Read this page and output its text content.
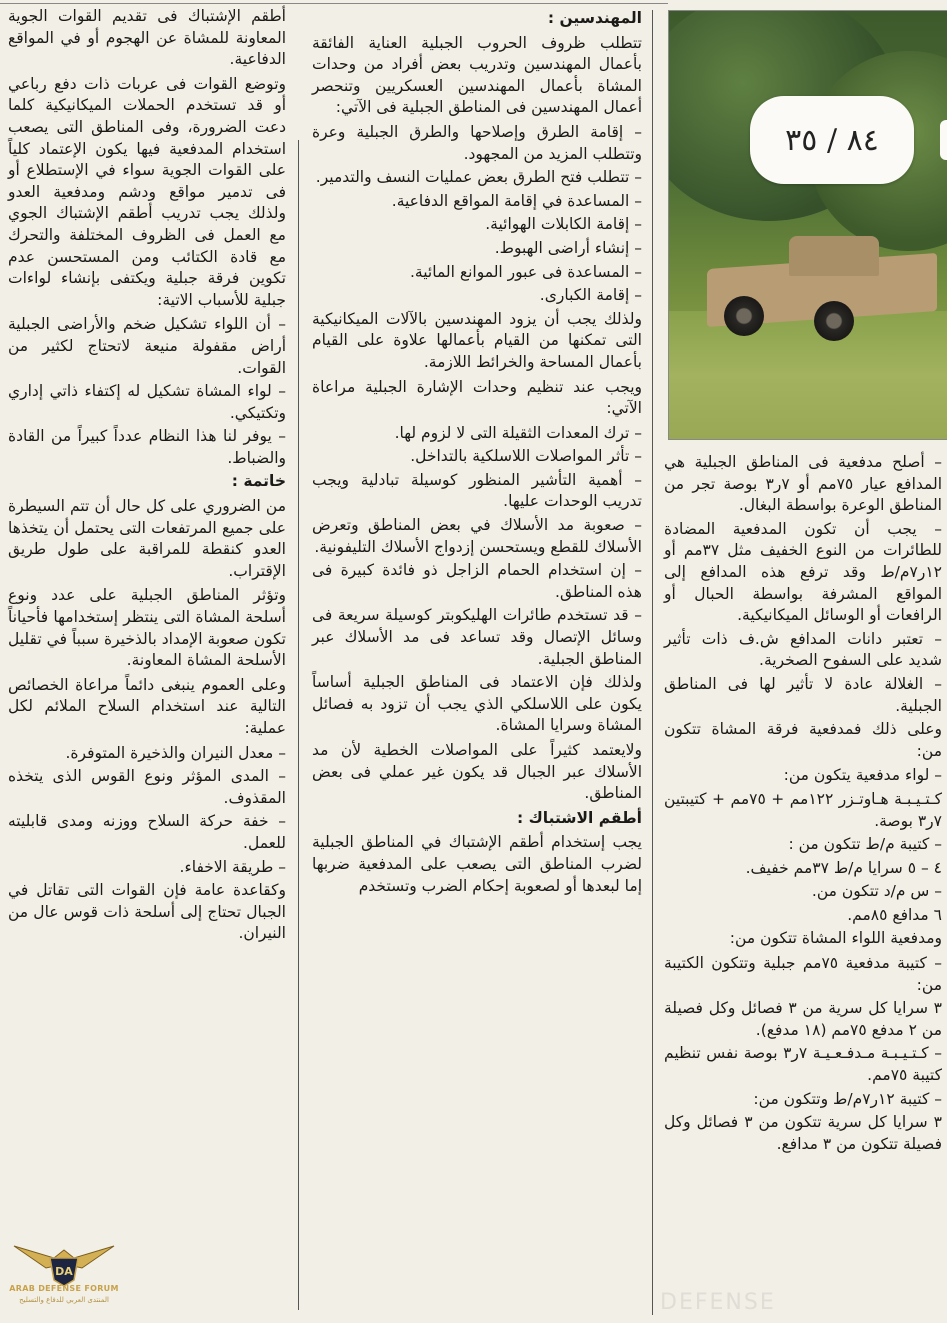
٨٤ / ٣٥

– أصلح مدفعية فى المناطق الجبلية هي المدافع عيار ٧٥مم أو ٧ر٣ بوصة تجر من المناطق الوعرة بواسطة البغال.

– يجب أن تكون المدفعية المضادة للطائرات من النوع الخفيف مثل ٣٧مم أو ١٢ر٧م/ط وقد ترفع هذه المدافع إلى المواقع المشرفة بواسطة الحبال أو الرافعات أو الوسائل الميكانيكية.

– تعتبر دانات المدافع ش.ف ذات تأثير شديد على السفوح الصخرية.

– الغلالة عادة لا تأثير لها فى المناطق الجبلية.

وعلى ذلك فمدفعية فرقة المشاة تتكون من:

– لواء مدفعية يتكون من:

كـتـيـبـة هـاوتـزر ١٢٢مم + ٧٥مم + كتيبتين ٧ر٣ بوصة.

– كتيبة م/ط تتكون من :

٤ – ٥ سرايا م/ط ٣٧مم خفيف.

– س م/د تتكون من.

٦ مدافع ٨٥مم.

ومدفعية اللواء المشاة تتكون من:

– كتيبة مدفعية ٧٥مم جبلية وتتكون الكتيبة من:

٣ سرايا كل سرية من ٣ فصائل وكل فصيلة من ٢ مدفع ٧٥مم (١٨ مدفع).

– كـتـيـبـة مـدفـعـيـة ٧ر٣ بوصة نفس تنظيم كتيبة ٧٥مم.

– كتيبة ١٢ر٧م/ط وتتكون من:

٣ سرايا كل سرية تتكون من ٣ فصائل وكل فصيلة تتكون من ٣ مدافع.

المهندسين :

تتطلب ظروف الحروب الجبلية العناية الفائقة بأعمال المهندسين وتدريب بعض أفراد من وحدات المشاة بأعمال المهندسين العسكريين وتنحصر أعمال المهندسين فى المناطق الجبلية فى الآتي:

– إقامة الطرق وإصلاحها والطرق الجبلية وعرة وتتطلب المزيد من المجهود.

– تتطلب فتح الطرق بعض عمليات النسف والتدمير.

– المساعدة في إقامة المواقع الدفاعية.

– إقامة الكابلات الهوائية.

– إنشاء أراضى الهبوط.

– المساعدة فى عبور الموانع المائية.

– إقامة الكبارى.

ولذلك يجب أن يزود المهندسين بالآلات الميكانيكية التى تمكنها من القيام بأعمالها علاوة على القيام بأعمال المساحة والخرائط اللازمة.

ويجب عند تنظيم وحدات الإشارة الجبلية مراعاة الآتي:

– ترك المعدات الثقيلة التى لا لزوم لها.

– تأثر المواصلات اللاسلكية بالتداخل.

– أهمية التأشير المنظور كوسيلة تبادلية ويجب تدريب الوحدات عليها.

– صعوبة مد الأسلاك في بعض المناطق وتعرض الأسلاك للقطع ويستحسن إزدواج الأسلاك التليفونية.

– إن استخدام الحمام الزاجل ذو فائدة كبيرة فى هذه المناطق.

– قد تستخدم طائرات الهليكوبتر كوسيلة سريعة فى وسائل الإتصال وقد تساعد فى مد الأسلاك عبر المناطق الجبلية.

ولذلك فإن الاعتماد فى المناطق الجبلية أساساً يكون على اللاسلكي الذي يجب أن تزود به فصائل المشاة وسرايا المشاة.

ولايعتمد كثيراً على المواصلات الخطية لأن مد الأسلاك عبر الجبال قد يكون غير عملي فى بعض المناطق.

أطقم الاشتباك :

يجب إستخدام أطقم الإشتباك في المناطق الجبلية لضرب المناطق التى يصعب على المدفعية ضربها إما لبعدها أو لصعوبة إحكام الضرب وتستخدم

أطقم الإشتباك فى تقديم القوات الجوية المعاونة للمشاة عن الهجوم أو في المواقع الدفاعية.

وتوضع القوات فى عربات ذات دفع رباعي أو قد تستخدم الحملات الميكانيكية كلما دعت الضرورة، وفى المناطق التى يصعب استخدام المدفعية فيها يكون الإعتماد كلياً على القوات الجوية سواء في الإستطلاع أو فى تدمير مواقع ودشم ومدفعية العدو ولذلك يجب تدريب أطقم الإشتباك الجوي مع العمل فى الظروف المختلفة والتحرك مع قادة الكتائب ومن المستحسن عدم تكوين فرقة جبلية ويكتفى بإنشاء لواءات جبلية للأسباب الاتية:

– أن اللواء تشكيل ضخم والأراضى الجبلية أراض مقفولة منيعة لاتحتاج لكثير من القوات.

– لواء المشاة تشكيل له إكتفاء ذاتي إداري وتكتيكي.

– يوفر لنا هذا النظام عدداً كبيراً من القادة والضباط.

خاتمة :

من الضروري على كل حال أن تتم السيطرة على جميع المرتفعات التى يحتمل أن يتخذها العدو كنقطة للمراقبة على طول طريق الإقتراب.

وتؤثر المناطق الجبلية على عدد ونوع أسلحة المشاة التى ينتظر إستخدامها فأحياناً تكون صعوبة الإمداد بالذخيرة سبباً في تقليل الأسلحة المشاة المعاونة.

وعلى العموم ينبغى دائماً مراعاة الخصائص التالية عند استخدام السلاح الملائم لكل عملية:

– معدل النيران والذخيرة المتوفرة.

– المدى المؤثر ونوع القوس الذى يتخذه المقذوف.

– خفة حركة السلاح ووزنه ومدى قابليته للعمل.

– طريقة الاخفاء.

وكقاعدة عامة فإن القوات التى تقاتل في الجبال تحتاج إلى أسلحة ذات قوس عال من النيران.

DEFENSE
DA
ARAB DEFENSE FORUM
المنتدى العربي للدفاع والتسليح
